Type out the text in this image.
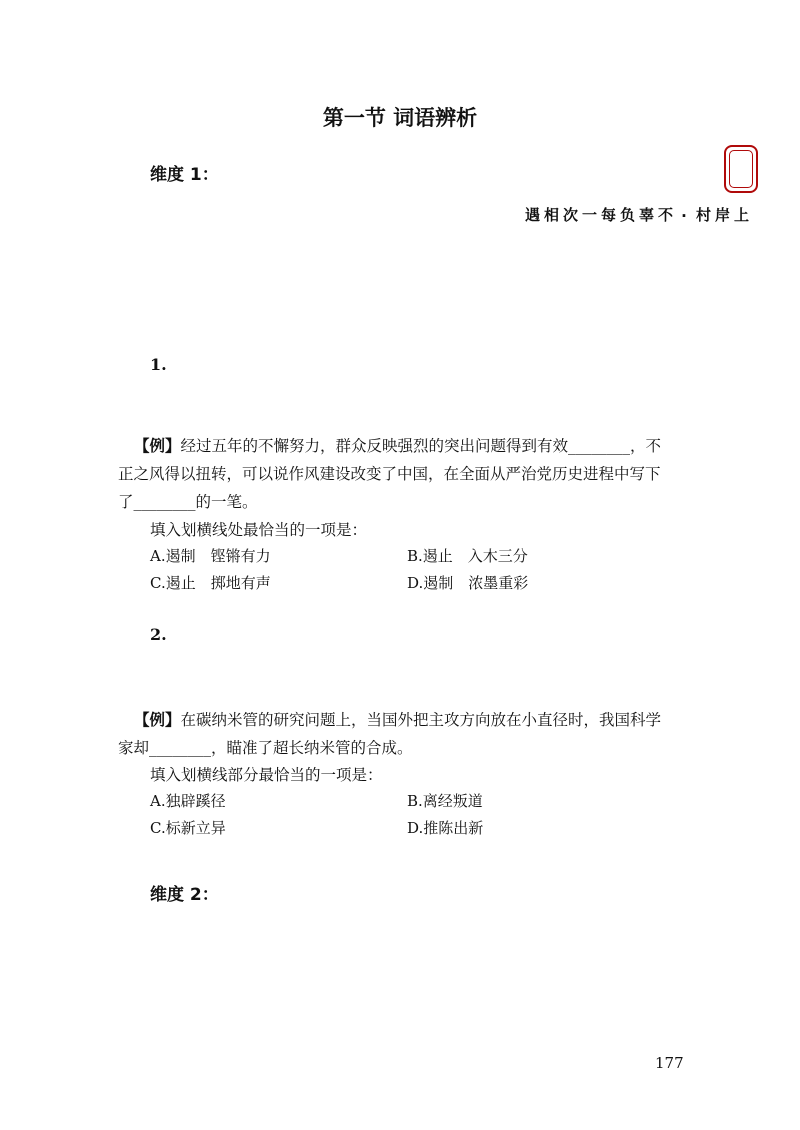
第一节 词语辨析
维度 1：
1.
【例】经过五年的不懈努力，群众反映强烈的突出问题得到有效________，不
正之风得以扭转，可以说作风建设改变了中国，在全面从严治党历史进程中写下
了________的一笔。
填入划横线处最恰当的一项是：
A.遏制　铿锵有力	B.遏止　入木三分
C.遏止　掷地有声	D.遏制　浓墨重彩
2.
【例】在碳纳米管的研究问题上，当国外把主攻方向放在小直径时，我国科学
家却________，瞄准了超长纳米管的合成。
填入划横线部分最恰当的一项是：
A.独辟蹊径	B.离经叛道
C.标新立异	D.推陈出新
维度 2：
上岸村·不辜负每一次相遇
177
